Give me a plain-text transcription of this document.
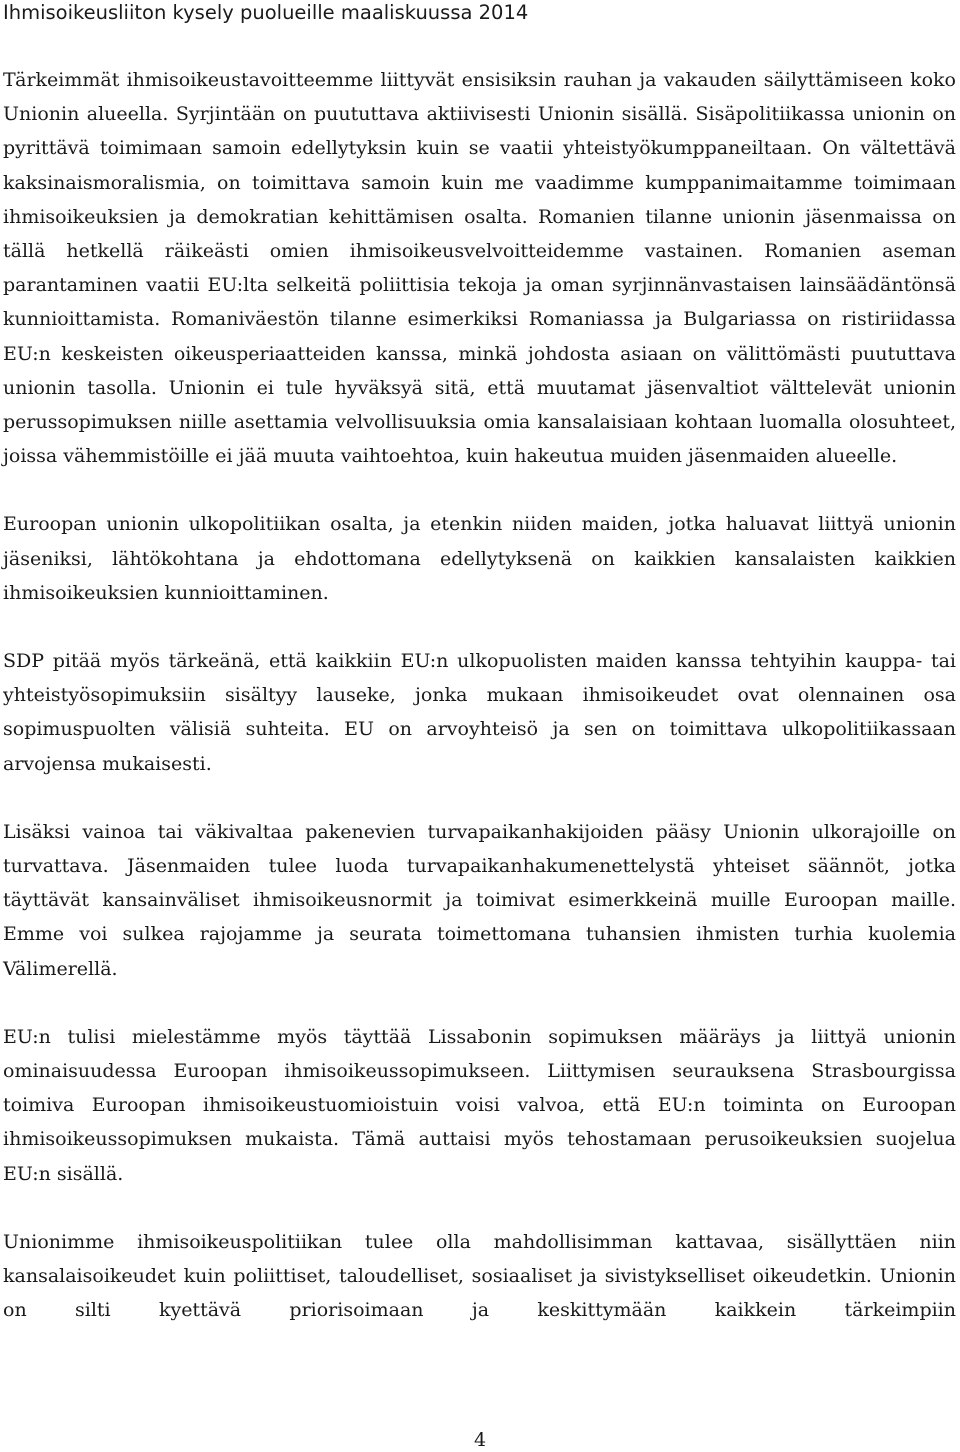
Ihmisoikeusliiton kysely puolueille maaliskuussa 2014

Tärkeimmät ihmisoikeustavoitteemme liittyvät ensisiksin rauhan ja vakauden säilyttämiseen koko Unionin alueella. Syrjintään on puututtava aktiivisesti Unionin sisällä. Sisäpolitiikassa unionin on pyrittävä toimimaan samoin edellytyksin kuin se vaatii yhteistyökumppaneiltaan. On vältettävä kaksinaismoralismia, on toimittava samoin kuin me vaadimme kumppanimaitamme toimimaan ihmisoikeuksien ja demokratian kehittämisen osalta. Romanien tilanne unionin jäsenmaissa on tällä hetkellä räikeästi omien ihmisoikeusvelvoitteidemme vastainen. Romanien aseman parantaminen vaatii EU:lta selkeitä poliittisia tekoja ja oman syrjinnänvastaisen lainsäädäntönsä kunnioittamista. Romaniväestön tilanne esimerkiksi Romaniassa ja Bulgariassa on ristiriidassa EU:n keskeisten oikeusperiaatteiden kanssa, minkä johdosta asiaan on välittömästi puututtava unionin tasolla. Unionin ei tule hyväksyä sitä, että muutamat jäsenvaltiot välttelevät unionin perussopimuksen niille asettamia velvollisuuksia omia kansalaisiaan kohtaan luomalla olosuhteet, joissa vähemmistöille ei jää muuta vaihtoehtoa, kuin hakeutua muiden jäsenmaiden alueelle.

Euroopan unionin ulkopolitiikan osalta, ja etenkin niiden maiden, jotka haluavat liittyä unionin jäseniksi, lähtökohtana ja ehdottomana edellytyksenä on kaikkien kansalaisten kaikkien ihmisoikeuksien kunnioittaminen.

SDP pitää myös tärkeänä, että kaikkiin EU:n ulkopuolisten maiden kanssa tehtyihin kauppa- tai yhteistyösopimuksiin sisältyy lauseke, jonka mukaan ihmisoikeudet ovat olennainen osa sopimuspuolten välisiä suhteita. EU on arvoyhteisö ja sen on toimittava ulkopolitiikassaan arvojensa mukaisesti.

Lisäksi vainoa tai väkivaltaa pakenevien turvapaikanhakijoiden pääsy Unionin ulkorajoille on turvattava. Jäsenmaiden tulee luoda turvapaikanhakumenettelystä yhteiset säännöt, jotka täyttävät kansainväliset ihmisoikeusnormit ja toimivat esimerkkeinä muille Euroopan maille. Emme voi sulkea rajojamme ja seurata toimettomana tuhansien ihmisten turhia kuolemia Välimerellä.

EU:n tulisi mielestämme myös täyttää Lissabonin sopimuksen määräys ja liittyä unionin ominaisuudessa Euroopan ihmisoikeussopimukseen. Liittymisen seurauksena Strasbourgissa toimiva Euroopan ihmisoikeustuomioistuin voisi valvoa, että EU:n toiminta on Euroopan ihmisoikeussopimuksen mukaista. Tämä auttaisi myös tehostamaan perusoikeuksien suojelua EU:n sisällä.

Unionimme ihmisoikeuspolitiikan tulee olla mahdollisimman kattavaa, sisällyttäen niin kansalaisoikeudet kuin poliittiset, taloudelliset, sosiaaliset ja sivistykselliset oikeudetkin. Unionin on silti kyettävä priorisoimaan ja keskittymään kaikkein tärkeimpiin

4
